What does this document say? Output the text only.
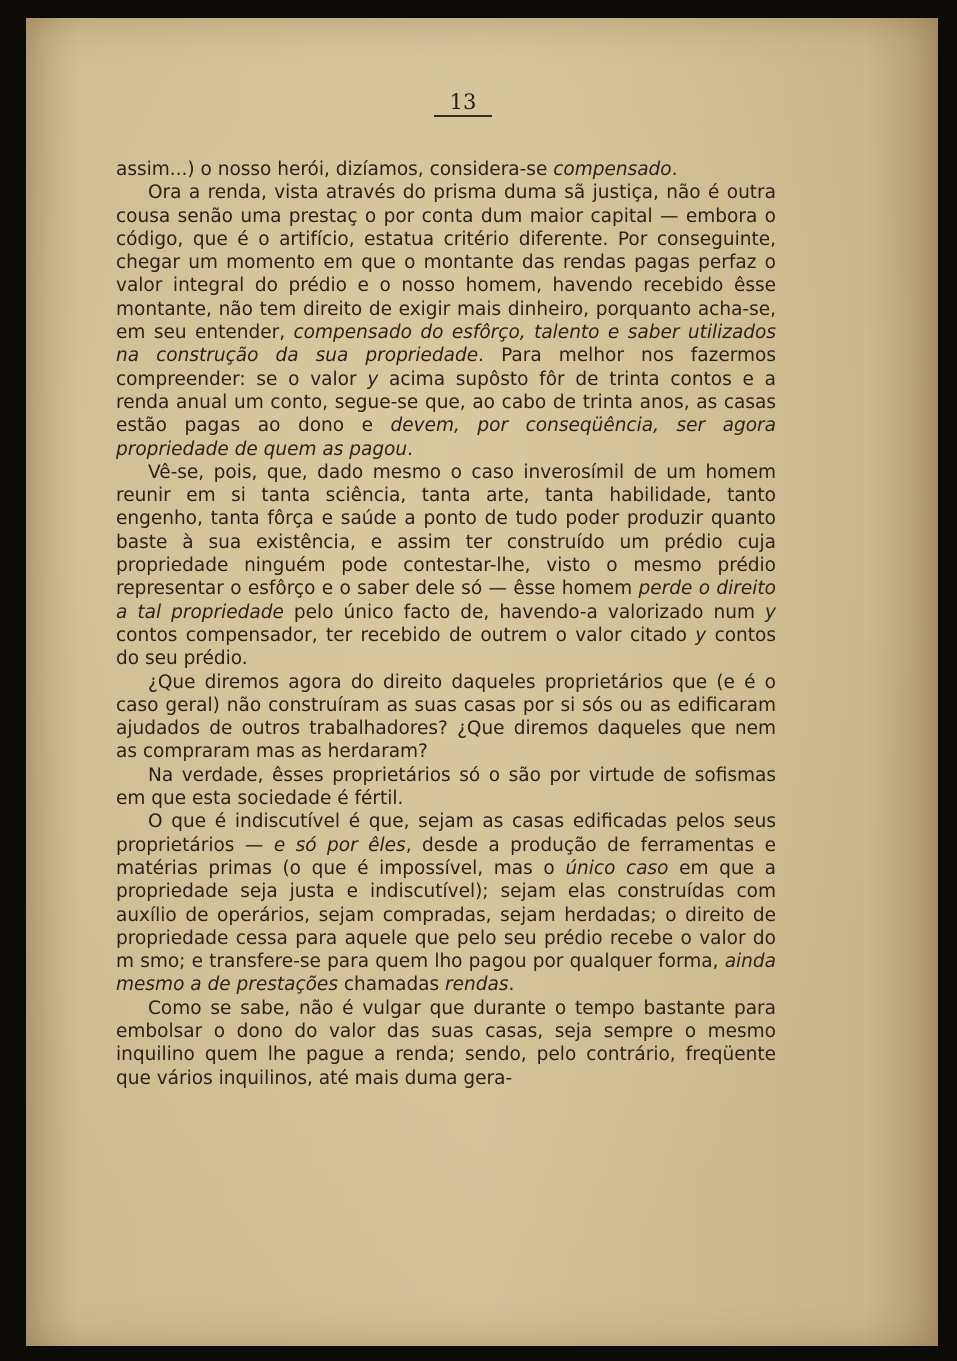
13

assim...) o nosso herói, dizíamos, considera-se compensado.

Ora a renda, vista através do prisma duma sã justiça, não é outra cousa senão uma prestaç o por conta dum maior capital — embora o código, que é o artifício, estatua critério diferente. Por conseguinte, chegar um momento em que o montante das rendas pagas perfaz o valor integral do prédio e o nosso homem, havendo recebido êsse montante, não tem direito de exigir mais dinheiro, porquanto acha-se, em seu entender, compensado do esfôrço, talento e saber utilizados na construção da sua propriedade. Para melhor nos fazermos compreender: se o valor y acima supôsto fôr de trinta contos e a renda anual um conto, segue-se que, ao cabo de trinta anos, as casas estão pagas ao dono e devem, por conseqüência, ser agora propriedade de quem as pagou.

Vê-se, pois, que, dado mesmo o caso inverosímil de um homem reunir em si tanta sciência, tanta arte, tanta habilidade, tanto engenho, tanta fôrça e saúde a ponto de tudo poder produzir quanto baste à sua existência, e assim ter construído um prédio cuja propriedade ninguém pode contestar-lhe, visto o mesmo prédio representar o esfôrço e o saber dele só — êsse homem perde o direito a tal propriedade pelo único facto de, havendo-a valorizado num y contos compensador, ter recebido de outrem o valor citado y contos do seu prédio.

¿Que diremos agora do direito daqueles proprietários que (e é o caso geral) não construíram as suas casas por si sós ou as edificaram ajudados de outros trabalhadores? ¿Que diremos daqueles que nem as compraram mas as herdaram?

Na verdade, êsses proprietários só o são por virtude de sofismas em que esta sociedade é fértil.

O que é indiscutível é que, sejam as casas edificadas pelos seus proprietários — e só por êles, desde a produção de ferramentas e matérias primas (o que é impossível, mas o único caso em que a propriedade seja justa e indiscutível); sejam elas construídas com auxílio de operários, sejam compradas, sejam herdadas; o direito de propriedade cessa para aquele que pelo seu prédio recebe o valor do m smo; e transfere-se para quem lho pagou por qualquer forma, ainda mesmo a de prestações chamadas rendas.

Como se sabe, não é vulgar que durante o tempo bastante para embolsar o dono do valor das suas casas, seja sempre o mesmo inquilino quem lhe pague a renda; sendo, pelo contrário, freqüente que vários inquilinos, até mais duma gera-
